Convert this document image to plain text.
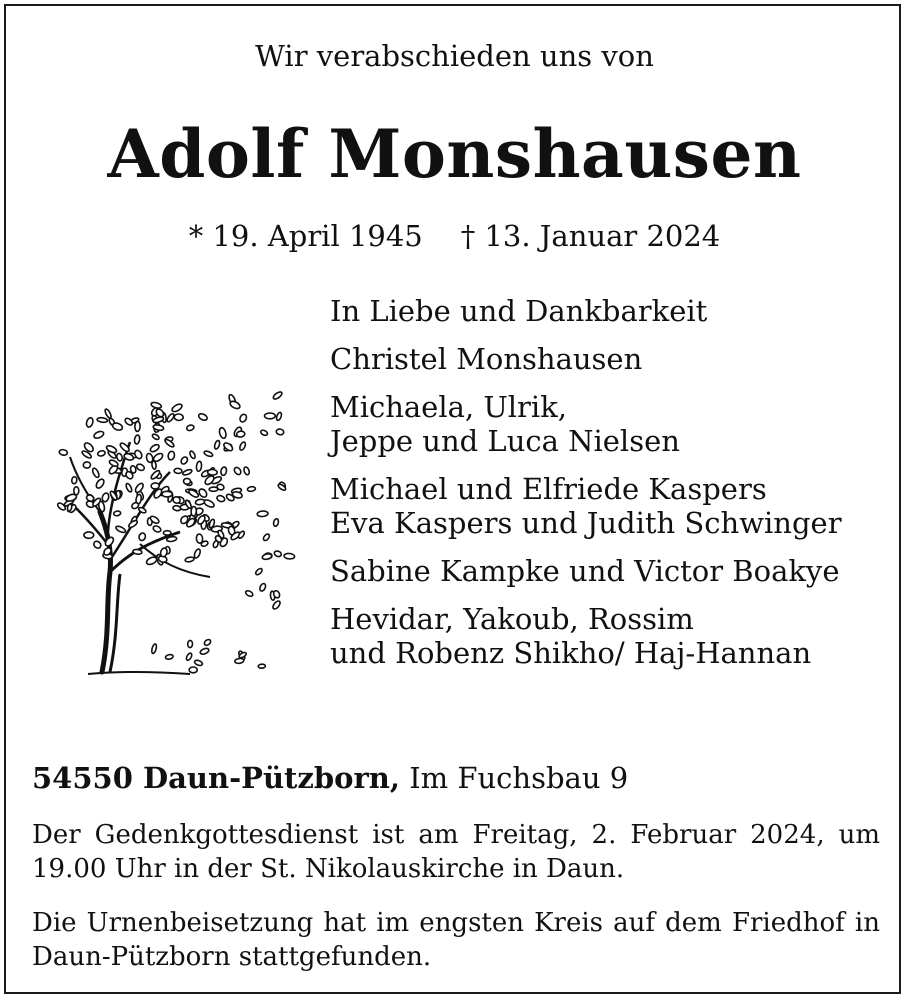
Wir verabschieden uns von
Adolf Monshausen
* 19. April 1945 † 13. Januar 2024
In Liebe und Dankbarkeit
Christel Monshausen
Michaela, Ulrik,
Jeppe und Luca Nielsen
Michael und Elfriede Kaspers
Eva Kaspers und Judith Schwinger
Sabine Kampke und Victor Boakye
Hevidar, Yakoub, Rossim
und Robenz Shikho/ Haj-Hannan
54550 Daun-Pützborn, Im Fuchsbau 9
Der Gedenkgottesdienst ist am Freitag, 2. Februar 2024, um 19.00 Uhr in der St. Nikolauskirche in Daun.
Die Urnenbeisetzung hat im engsten Kreis auf dem Friedhof in Daun-Pützborn stattgefunden.
